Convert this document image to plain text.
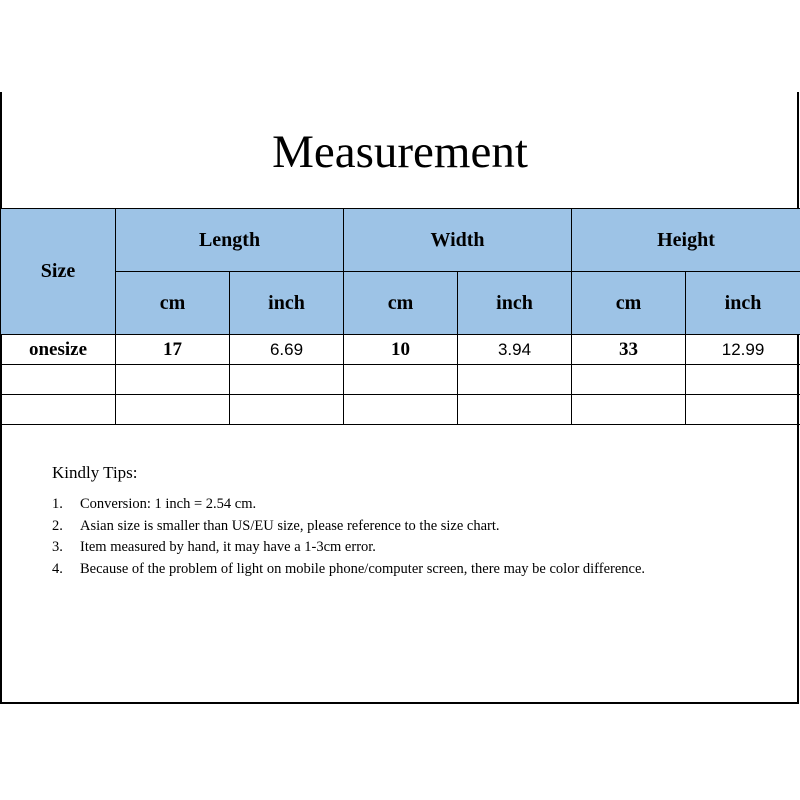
Measurement
Size	Length		Width		Height	
	cm	inch	cm	inch	cm	inch
onesize	17	6.69	10	3.94	33	12.99

Kindly Tips:
1. Conversion: 1 inch = 2.54 cm.
2. Asian size is smaller than US/EU size, please reference to the size chart.
3. Item measured by hand, it may have a 1-3cm error.
4. Because of the problem of light on mobile phone/computer screen, there may be color difference.
